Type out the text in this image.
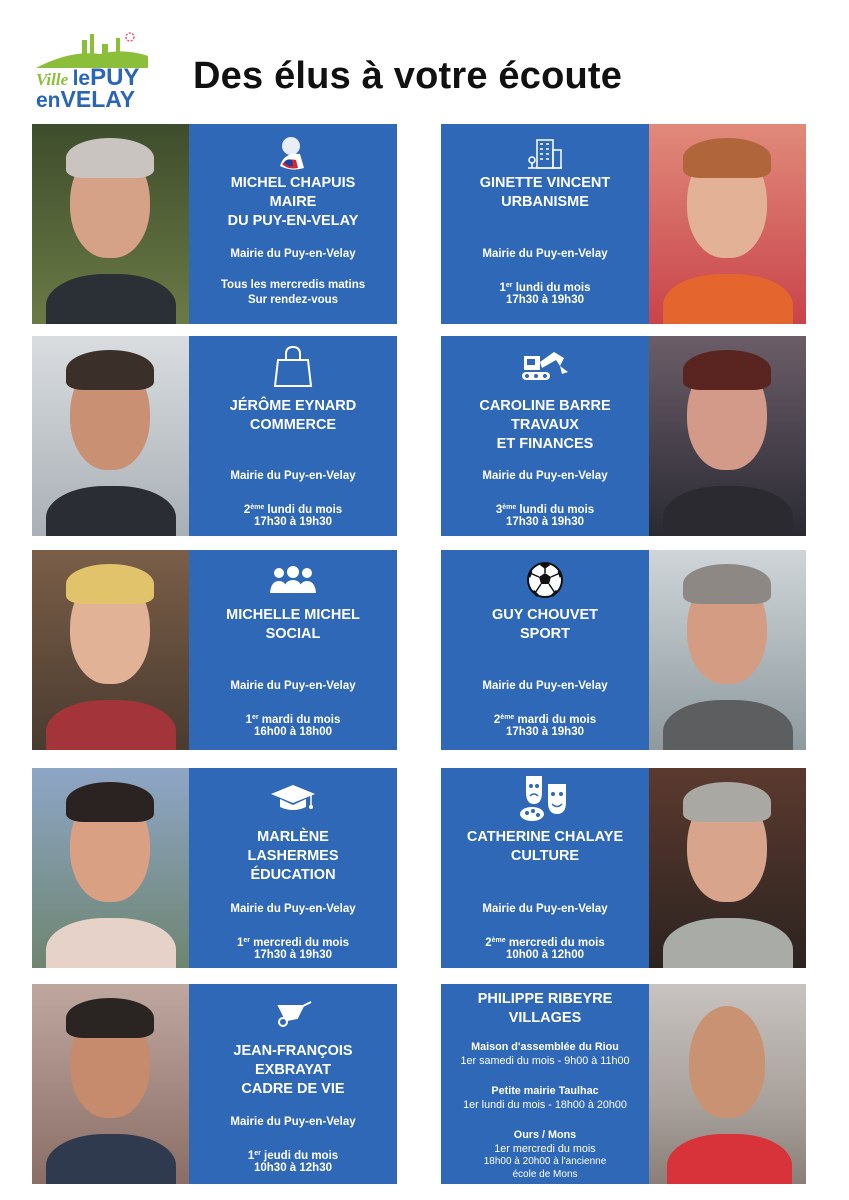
Ville lePUY
enVELAY
Des élus à votre écoute
MICHEL CHAPUIS
MAIRE
DU PUY-EN-VELAY
Mairie du Puy-en-Velay
Tous les mercredis matins
Sur rendez-vous
GINETTE VINCENT
URBANISME
Mairie du Puy-en-Velay
1er lundi du mois
17h30 à 19h30
JÉRÔME EYNARD
COMMERCE
Mairie du Puy-en-Velay
2ème lundi du mois
17h30 à 19h30
CAROLINE BARRE
TRAVAUX
ET FINANCES
Mairie du Puy-en-Velay
3ème lundi du mois
17h30 à 19h30
MICHELLE MICHEL
SOCIAL
Mairie du Puy-en-Velay
1er mardi du mois
16h00 à 18h00
GUY CHOUVET
SPORT
Mairie du Puy-en-Velay
2ème mardi du mois
17h30 à 19h30
MARLÈNE
LASHERMES
ÉDUCATION
Mairie du Puy-en-Velay
1er mercredi du mois
17h30 à 19h30
CATHERINE CHALAYE
CULTURE
Mairie du Puy-en-Velay
2ème mercredi du mois
10h00 à 12h00
JEAN-FRANÇOIS
EXBRAYAT
CADRE DE VIE
Mairie du Puy-en-Velay
1er jeudi du mois
10h30 à 12h30
PHILIPPE RIBEYRE
VILLAGES
Maison d'assemblée du Riou
1er samedi du mois - 9h00 à 11h00
Petite mairie Taulhac
1er lundi du mois - 18h00 à 20h00
Ours / Mons
1er mercredi du mois
18h00 à 20h00 à l'ancienne
école de Mons
